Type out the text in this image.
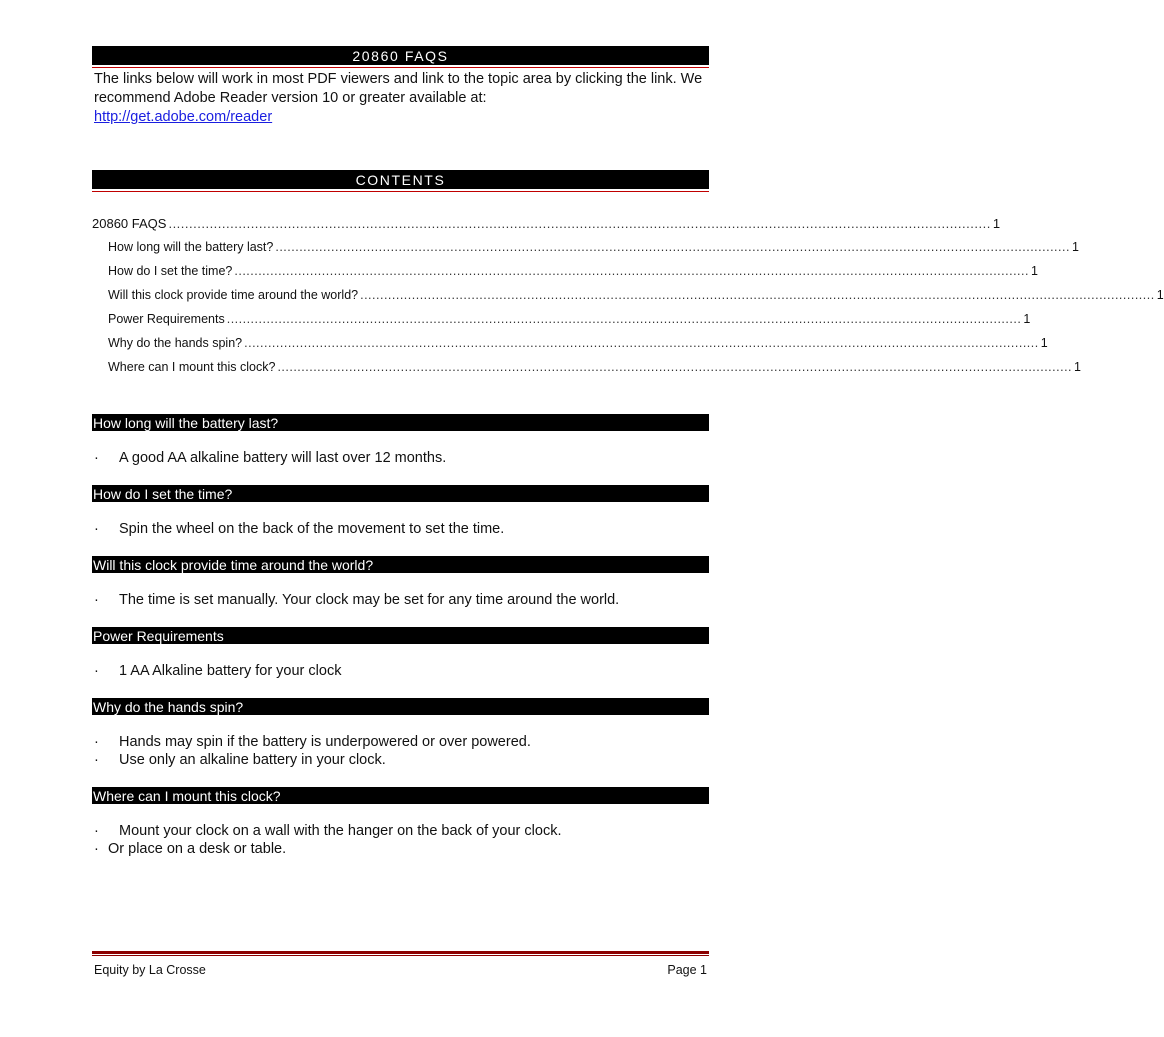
20860 FAQS
The links below will work in most PDF viewers and link to the topic area by clicking the link. We recommend Adobe Reader version 10 or greater available at:
http://get.adobe.com/reader
CONTENTS
20860 FAQS ........................................................................................................................................................................................................ 1
How long will the battery last? ........................................................................................................................................................................................................ 1
How do I set the time? ........................................................................................................................................................................................................ 1
Will this clock provide time around the world? ........................................................................................................................................................................................................ 1
Power Requirements ........................................................................................................................................................................................................ 1
Why do the hands spin? ........................................................................................................................................................................................................ 1
Where can I mount this clock? ........................................................................................................................................................................................................ 1
How long will the battery last?
·	A good AA alkaline battery will last over 12 months.
How do I set the time?
·	Spin the wheel on the back of the movement to set the time.
Will this clock provide time around the world?
·	The time is set manually. Your clock may be set for any time around the world.
Power Requirements
·	1 AA Alkaline battery for your clock
Why do the hands spin?
·	Hands may spin if the battery is underpowered or over powered.
·	Use only an alkaline battery in your clock.
Where can I mount this clock?
·	Mount your clock on a wall with the hanger on the back of your clock.
· Or place on a desk or table.
Equity by La Crosse	Page 1
